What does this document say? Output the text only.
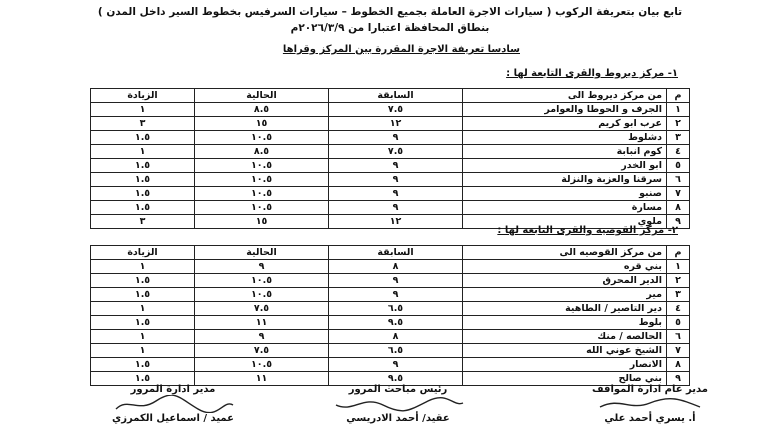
تابع بيان بتعريفة الركوب ( سيارات الاجرة العاملة بجميع الخطوط – سيارات السرفيس بخطوط السير داخل المدن )
بنطاق المحافظة اعتبارا من ٢٠٢٦/٣/٩م
سادسا تعريفة الاجرة المقررة بين المركز وقراها
١- مركز ديروط والقرى التابعة لها :
م	من مركز ديروط الى	السابقة	الحالية	الزيادة
١	الجرف و الحوطا والعوامر	٧.٥	٨.٥	١
٢	عرب ابو كريم	١٢	١٥	٣
٣	دشلوط	٩	١٠.٥	١.٥
٤	كوم انبابة	٧.٥	٨.٥	١
٥	ابو الخدر	٩	١٠.٥	١.٥
٦	سرقنا والعزبة والنزلة	٩	١٠.٥	١.٥
٧	صنبو	٩	١٠.٥	١.٥
٨	مسارة	٩	١٠.٥	١.٥
٩	ملوي	١٢	١٥	٣
٢- مركز القوصية والقرى التابعه لها :
م	من مركز القوصيه الى	السابقة	الحالية	الزيادة
١	بني قره	٨	٩	١
٢	الدير المحرق	٩	١٠.٥	١.٥
٣	مير	٩	١٠.٥	١.٥
٤	دير التاصير / الطاهية	٦.٥	٧.٥	١
٥	بلوط	٩.٥	١١	١.٥
٦	الحالصه / منك	٨	٩	١
٧	الشيخ عوني الله	٦.٥	٧.٥	١
٨	الانصار	٩	١٠.٥	١.٥
٩	بني صالح	٩.٥	١١	١.٥
مدير عام ادارة المواقف
أ. يسري أحمد علي
رئيس مباحث المرور
عقيد/ أحمد الادريسي
مدير ادارة المرور
عميد / اسماعيل الكمرزي
